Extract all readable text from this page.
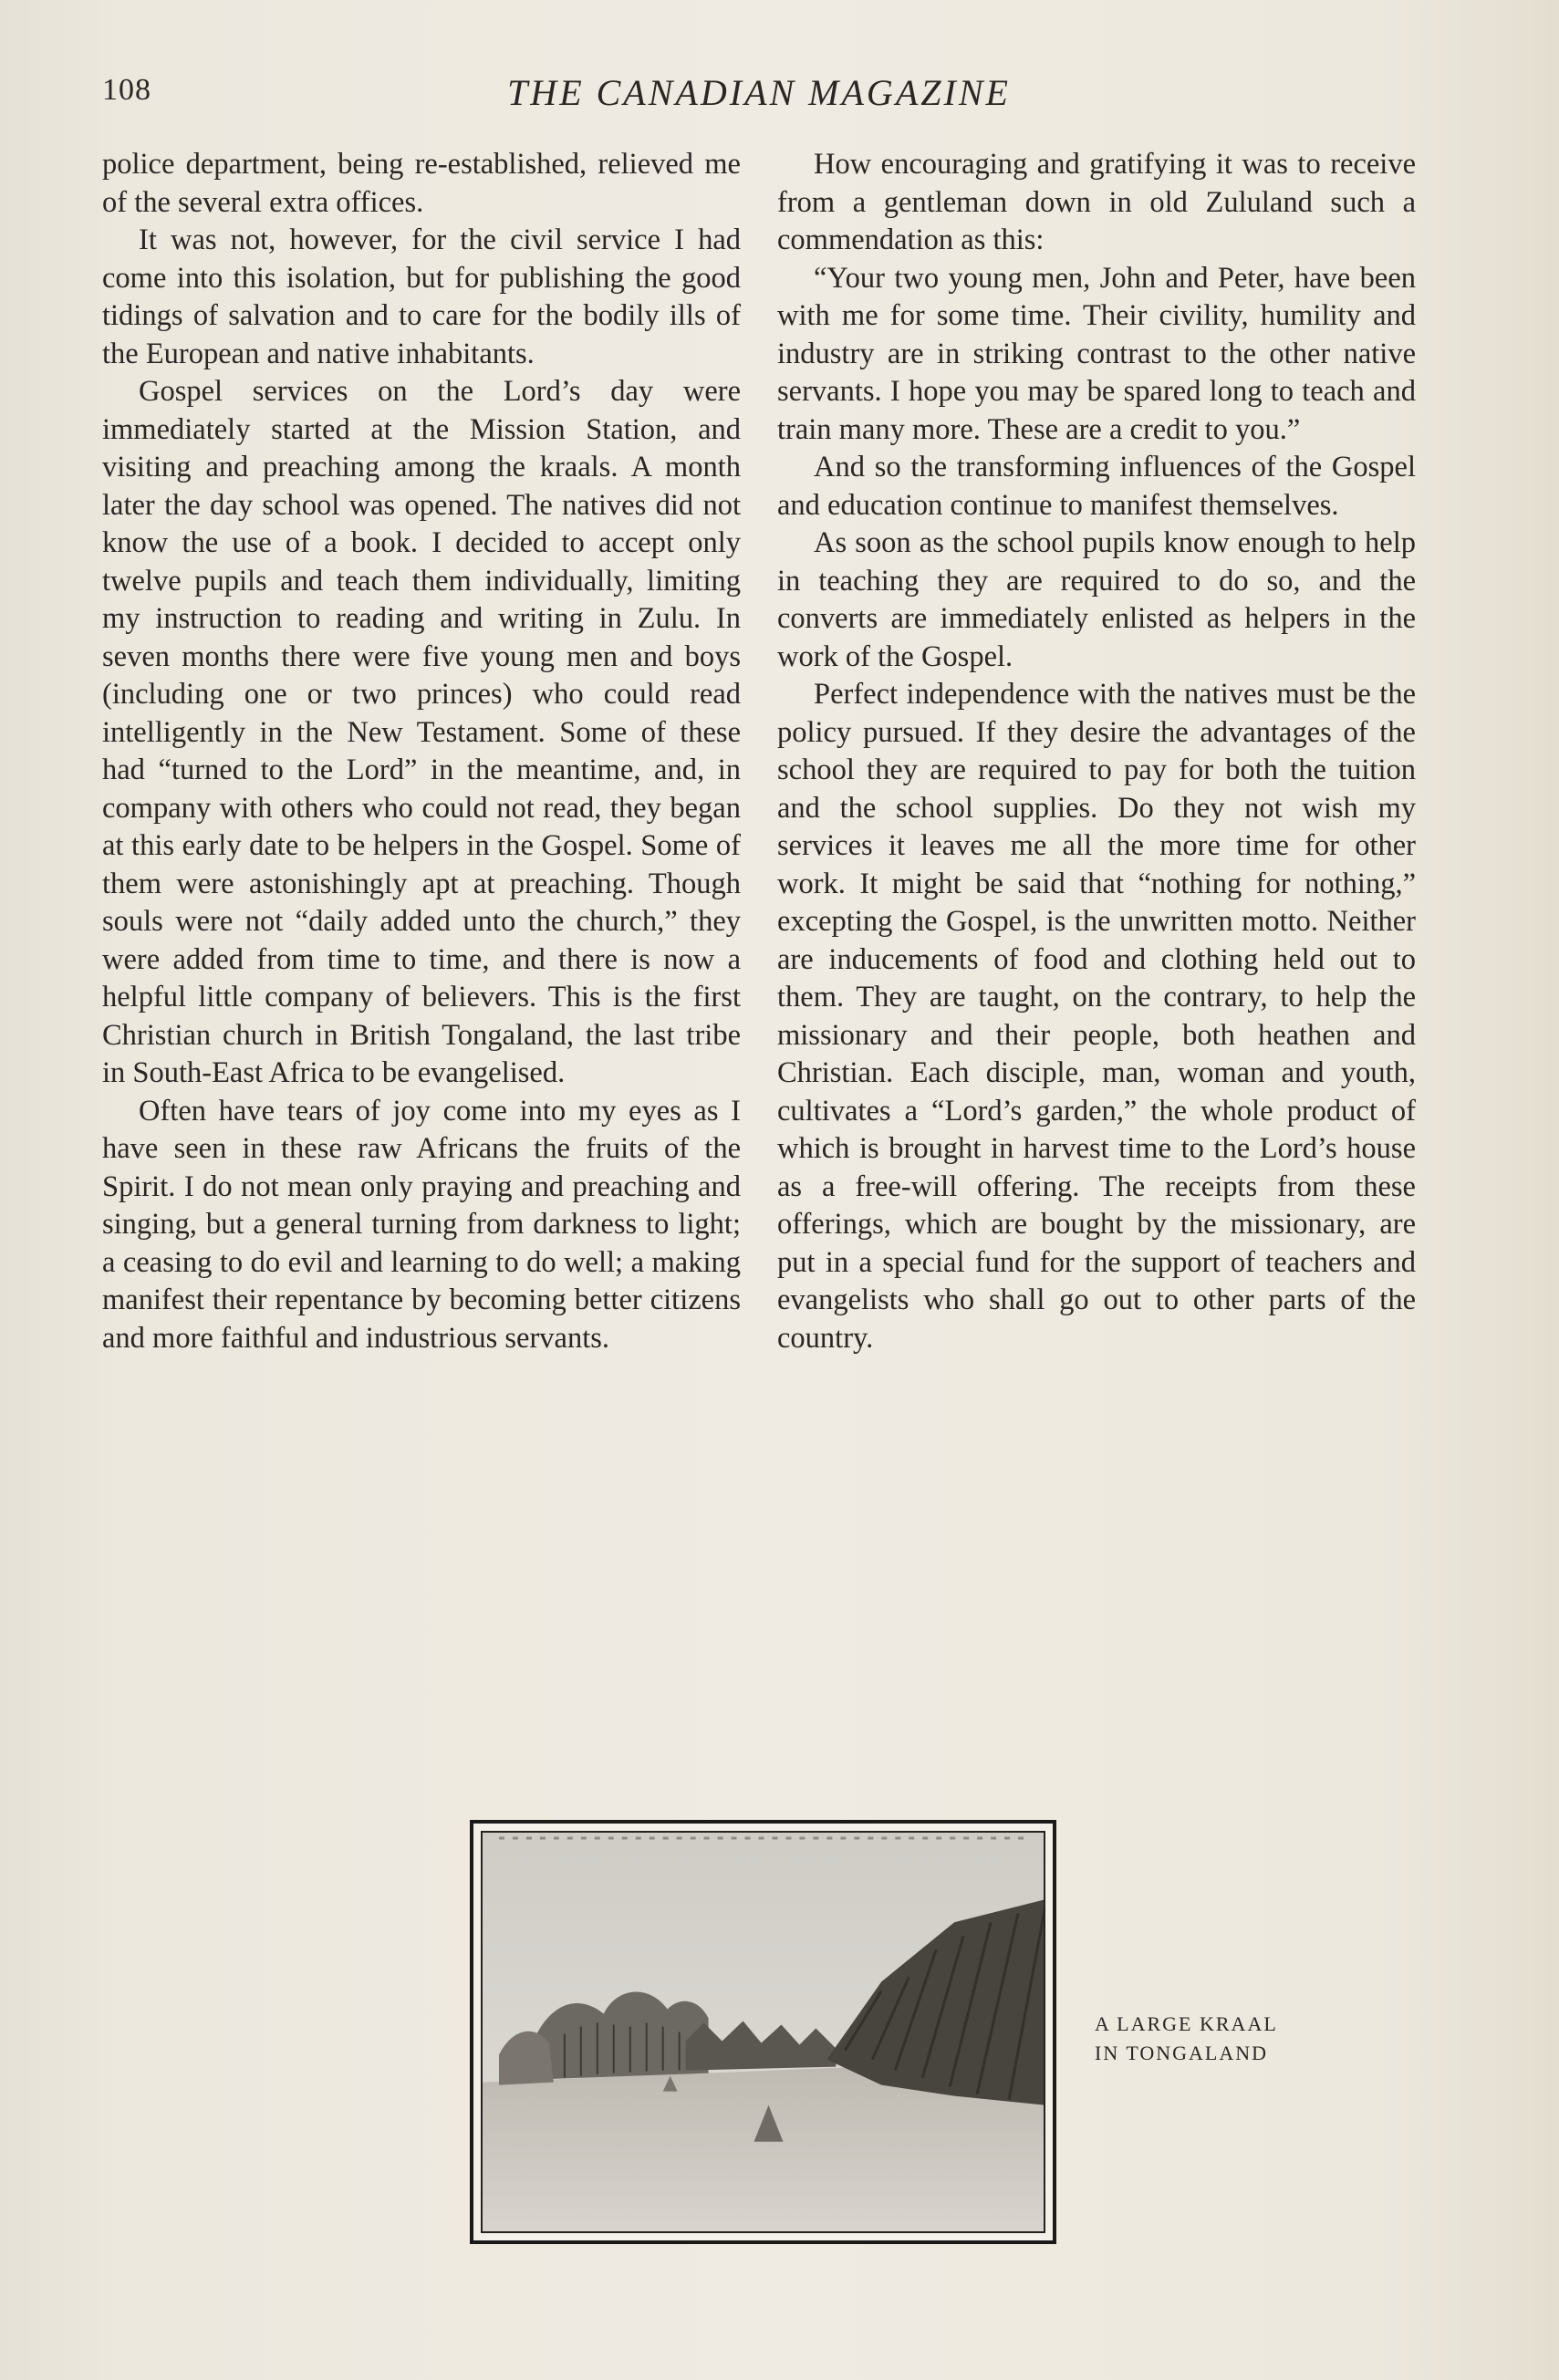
108	THE CANADIAN MAGAZINE

police department, being re-established, relieved me of the several extra offices.

It was not, however, for the civil service I had come into this isolation, but for publishing the good tidings of salvation and to care for the bodily ills of the European and native inhabitants.

Gospel services on the Lord’s day were immediately started at the Mission Station, and visiting and preaching among the kraals. A month later the day school was opened. The natives did not know the use of a book. I decided to accept only twelve pupils and teach them individually, limiting my instruction to reading and writing in Zulu. In seven months there were five young men and boys (including one or two princes) who could read intelligently in the New Testament. Some of these had “turned to the Lord” in the meantime, and, in company with others who could not read, they began at this early date to be helpers in the Gospel. Some of them were astonishingly apt at preaching. Though souls were not “daily added unto the church,” they were added from time to time, and there is now a helpful little company of believers. This is the first Christian church in British Tongaland, the last tribe in South-East Africa to be evangelised.

Often have tears of joy come into my eyes as I have seen in these raw Africans the fruits of the Spirit. I do not mean only praying and preaching and singing, but a general turning from darkness to light; a ceasing to do evil and learning to do well; a making manifest their repentance by becoming better citizens and more faithful and industrious servants.

How encouraging and gratifying it was to receive from a gentleman down in old Zululand such a commendation as this:

“Your two young men, John and Peter, have been with me for some time. Their civility, humility and industry are in striking contrast to the other native servants. I hope you may be spared long to teach and train many more. These are a credit to you.”

And so the transforming influences of the Gospel and education continue to manifest themselves.

As soon as the school pupils know enough to help in teaching they are required to do so, and the converts are immediately enlisted as helpers in the work of the Gospel.

Perfect independence with the natives must be the policy pursued. If they desire the advantages of the school they are required to pay for both the tuition and the school supplies. Do they not wish my services it leaves me all the more time for other work. It might be said that “nothing for nothing,” excepting the Gospel, is the unwritten motto. Neither are inducements of food and clothing held out to them. They are taught, on the contrary, to help the missionary and their people, both heathen and Christian. Each disciple, man, woman and youth, cultivates a “Lord’s garden,” the whole product of which is brought in harvest time to the Lord’s house as a free-will offering. The receipts from these offerings, which are bought by the missionary, are put in a special fund for the support of teachers and evangelists who shall go out to other parts of the country.

A LARGE KRAAL
IN TONGALAND
